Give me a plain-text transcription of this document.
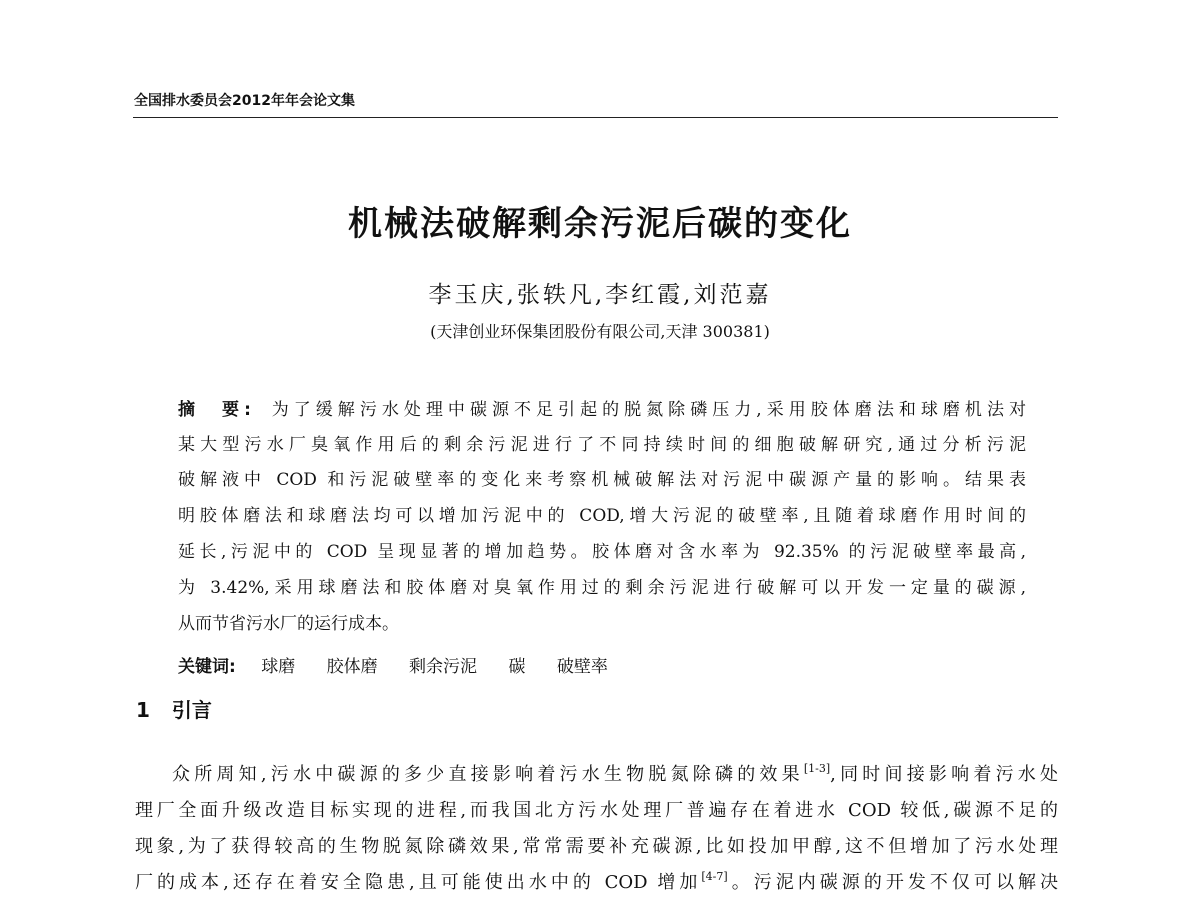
全国排水委员会2012年年会论文集
机械法破解剩余污泥后碳的变化
李玉庆,张轶凡,李红霞,刘范嘉
(天津创业环保集团股份有限公司,天津 300381)
摘　要: 为了缓解污水处理中碳源不足引起的脱氮除磷压力,采用胶体磨法和球磨机法对
某大型污水厂臭氧作用后的剩余污泥进行了不同持续时间的细胞破解研究,通过分析污泥
破解液中 COD 和污泥破壁率的变化来考察机械破解法对污泥中碳源产量的影响。结果表
明胶体磨法和球磨法均可以增加污泥中的 COD,增大污泥的破壁率,且随着球磨作用时间的
延长,污泥中的 COD 呈现显著的增加趋势。胶体磨对含水率为 92.35% 的污泥破壁率最高,
为 3.42%,采用球磨法和胶体磨对臭氧作用过的剩余污泥进行破解可以开发一定量的碳源,
从而节省污水厂的运行成本。
关键词: 球磨 胶体磨 剩余污泥 碳 破壁率
1 引言
众所周知,污水中碳源的多少直接影响着污水生物脱氮除磷的效果[1-3],同时间接影响着污水处
理厂全面升级改造目标实现的进程,而我国北方污水处理厂普遍存在着进水 COD 较低,碳源不足的
现象,为了获得较高的生物脱氮除磷效果,常常需要补充碳源,比如投加甲醇,这不但增加了污水处理
厂的成本,还存在着安全隐患,且可能使出水中的 COD 增加[4-7]。污泥内碳源的开发不仅可以解决
